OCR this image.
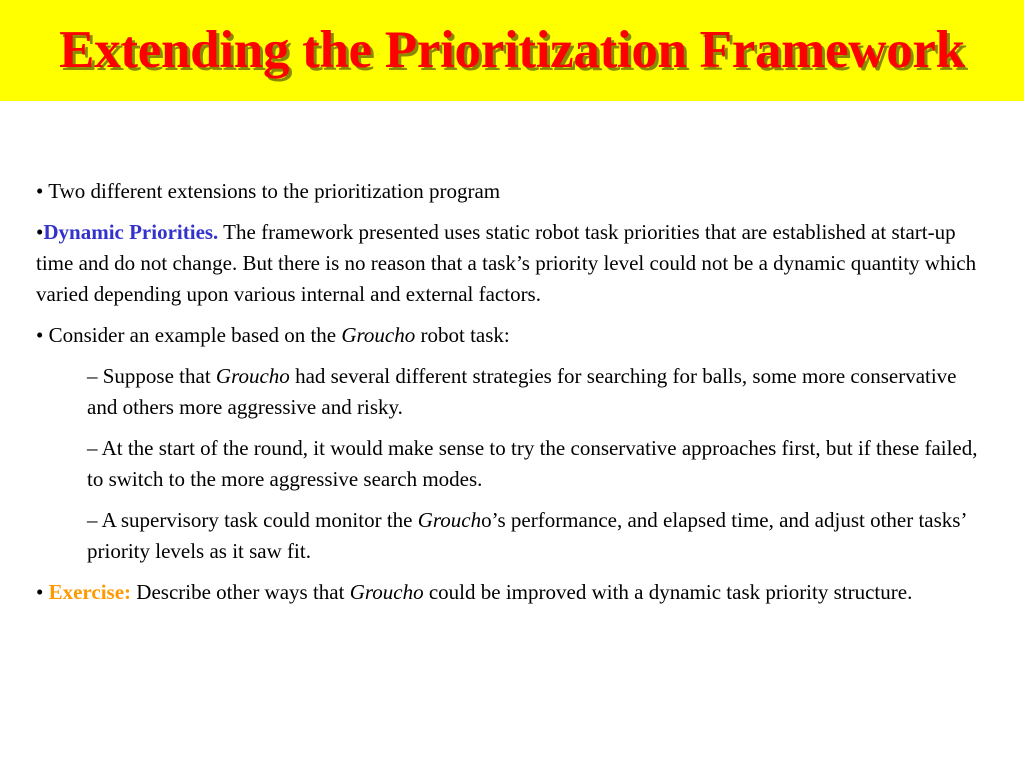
Extending the Prioritization Framework

• Two different extensions to the prioritization program

•Dynamic Priorities. The framework presented uses static robot task priorities that are established at start-up time and do not change. But there is no reason that a task’s priority level could not be a dynamic quantity which varied depending upon various internal and external factors.

• Consider an example based on the Groucho robot task:

– Suppose that Groucho had several different strategies for searching for balls, some more conservative and others more aggressive and risky.

– At the start of the round, it would make sense to try the conservative approaches first, but if these failed, to switch to the more aggressive search modes.

– A supervisory task could monitor the Groucho’s performance, and elapsed time, and adjust other tasks’ priority levels as it saw fit.

• Exercise: Describe other ways that Groucho could be improved with a dynamic task priority structure.
